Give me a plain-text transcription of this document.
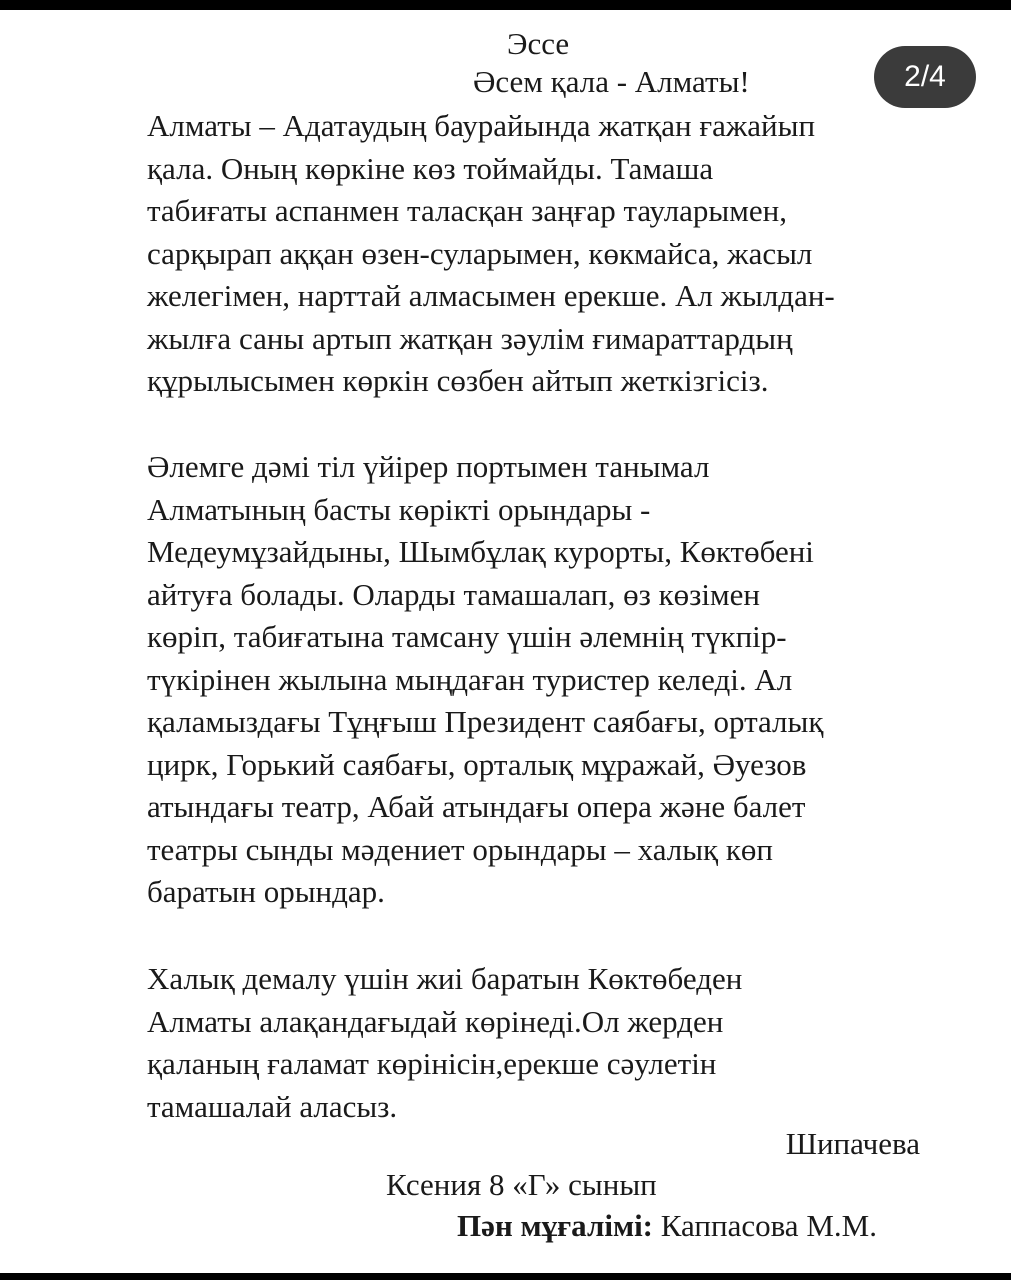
Эссе
Әсем қала - Алматы!
Алматы – Адатаудың баурайында жатқан ғажайып
қала. Оның көркіне көз тоймайды. Тамаша
табиғаты аспанмен таласқан заңғар тауларымен,
сарқырап аққан өзен-суларымен, көкмайса, жасыл
желегімен, нарттай алмасымен ерекше. Ал жылдан-
жылға саны артып жатқан зәулім ғимараттардың
құрылысымен көркін сөзбен айтып жеткізгісіз.
Әлемге дәмі тіл үйірер портымен танымал
Алматының басты көрікті орындары -
Медеумұзайдыны, Шымбұлақ курорты, Көктөбені
айтуға болады. Оларды тамашалап, өз көзімен
көріп, табиғатына тамсану үшін әлемнің түкпір-
түкірінен жылына мыңдаған туристер келеді. Ал
қаламыздағы Тұңғыш Президент саябағы, орталық
цирк, Горький саябағы, орталық мұражай, Әуезов
атындағы театр, Абай атындағы опера және балет
театры сынды мәдениет орындары – халық көп
баратын орындар.
Халық демалу үшін жиі баратын Көктөбеден
Алматы алақандағыдай көрінеді.Ол жерден
қаланың ғаламат көрінісін,ерекше сәулетін
тамашалай аласыз.
Шипачева
Ксения 8 «Г» сынып
Пән мұғалімі: Каппасова М.М.
2/4
